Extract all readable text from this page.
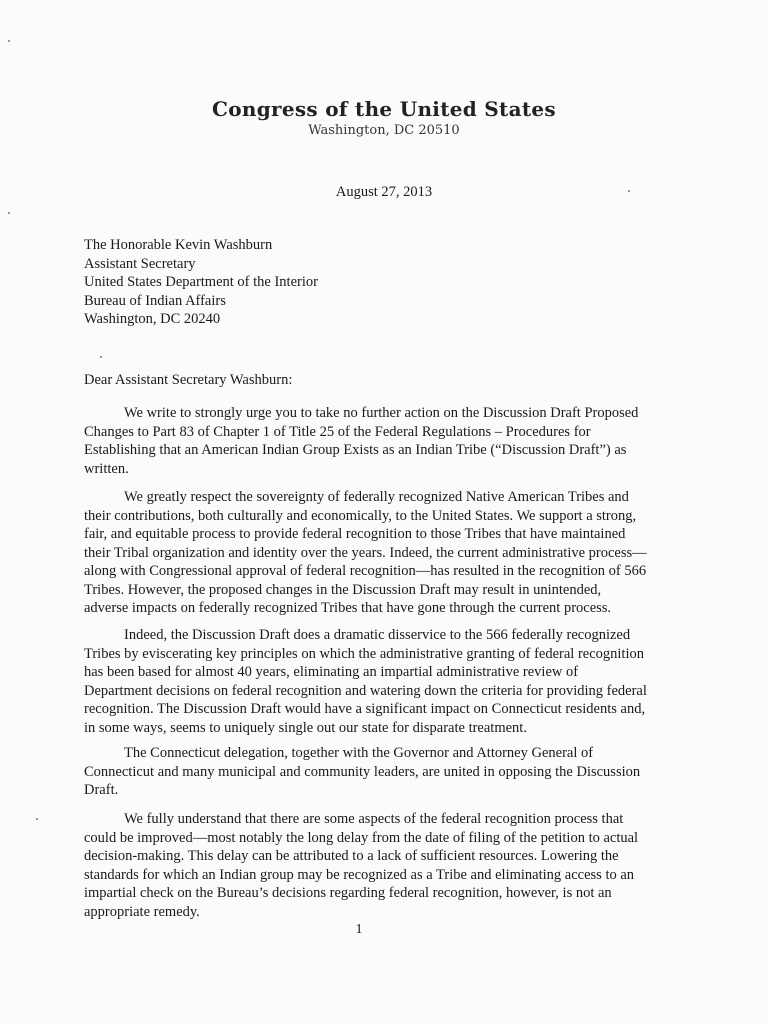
Congress of the United States
Washington, DC 20510
August 27, 2013
The Honorable Kevin Washburn
Assistant Secretary
United States Department of the Interior
Bureau of Indian Affairs
Washington, DC 20240
Dear Assistant Secretary Washburn:
We write to strongly urge you to take no further action on the Discussion Draft Proposed
Changes to Part 83 of Chapter 1 of Title 25 of the Federal Regulations – Procedures for
Establishing that an American Indian Group Exists as an Indian Tribe (“Discussion Draft”) as
written.
We greatly respect the sovereignty of federally recognized Native American Tribes and
their contributions, both culturally and economically, to the United States. We support a strong,
fair, and equitable process to provide federal recognition to those Tribes that have maintained
their Tribal organization and identity over the years. Indeed, the current administrative process—
along with Congressional approval of federal recognition—has resulted in the recognition of 566
Tribes. However, the proposed changes in the Discussion Draft may result in unintended,
adverse impacts on federally recognized Tribes that have gone through the current process.
Indeed, the Discussion Draft does a dramatic disservice to the 566 federally recognized
Tribes by eviscerating key principles on which the administrative granting of federal recognition
has been based for almost 40 years, eliminating an impartial administrative review of
Department decisions on federal recognition and watering down the criteria for providing federal
recognition. The Discussion Draft would have a significant impact on Connecticut residents and,
in some ways, seems to uniquely single out our state for disparate treatment.
The Connecticut delegation, together with the Governor and Attorney General of
Connecticut and many municipal and community leaders, are united in opposing the Discussion
Draft.
We fully understand that there are some aspects of the federal recognition process that
could be improved—most notably the long delay from the date of filing of the petition to actual
decision-making. This delay can be attributed to a lack of sufficient resources. Lowering the
standards for which an Indian group may be recognized as a Tribe and eliminating access to an
impartial check on the Bureau’s decisions regarding federal recognition, however, is not an
appropriate remedy.
1
